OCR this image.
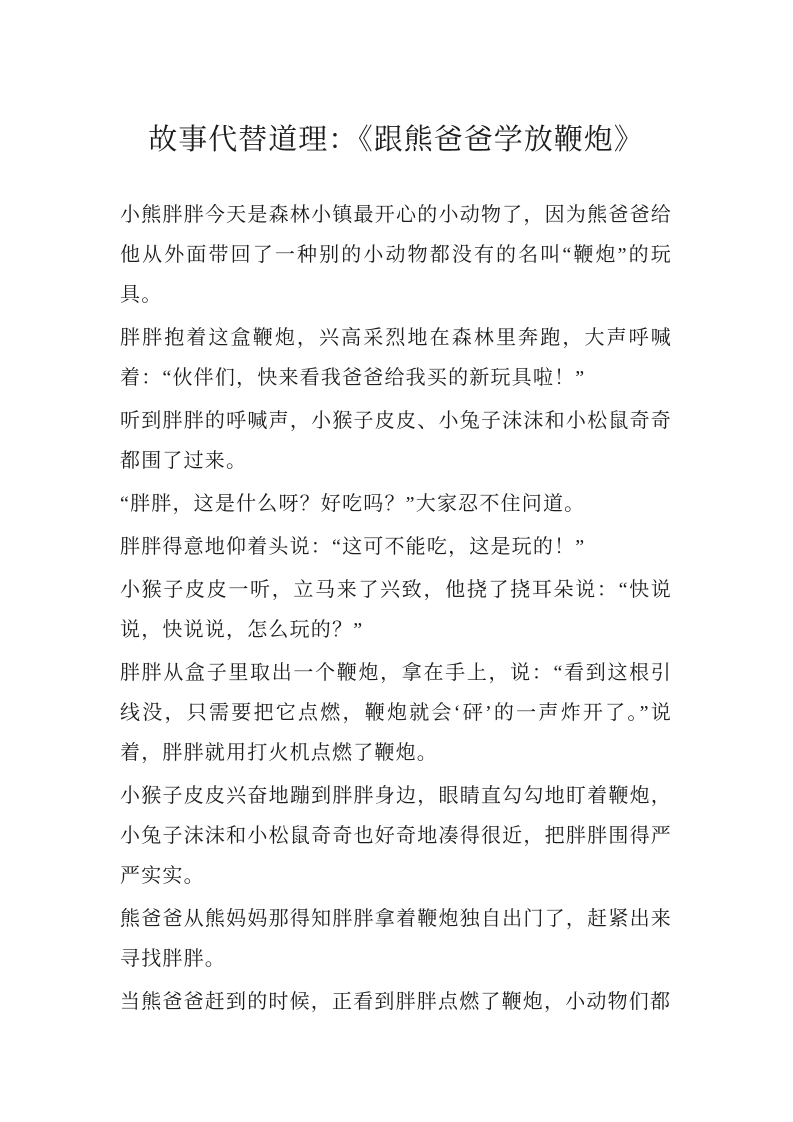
故事代替道理：《跟熊爸爸学放鞭炮》

小熊胖胖今天是森林小镇最开心的小动物了，因为熊爸爸给他从外面带回了一种别的小动物都没有的名叫“鞭炮”的玩具。

胖胖抱着这盒鞭炮，兴高采烈地在森林里奔跑，大声呼喊着：“伙伴们，快来看我爸爸给我买的新玩具啦！”

听到胖胖的呼喊声，小猴子皮皮、小兔子沫沫和小松鼠奇奇都围了过来。

“胖胖，这是什么呀？好吃吗？”大家忍不住问道。

胖胖得意地仰着头说：“这可不能吃，这是玩的！”

小猴子皮皮一听，立马来了兴致，他挠了挠耳朵说：“快说说，快说说，怎么玩的？”

胖胖从盒子里取出一个鞭炮，拿在手上，说：“看到这根引线没，只需要把它点燃，鞭炮就会‘砰’的一声炸开了。”说着，胖胖就用打火机点燃了鞭炮。

小猴子皮皮兴奋地蹦到胖胖身边，眼睛直勾勾地盯着鞭炮，小兔子沫沫和小松鼠奇奇也好奇地凑得很近，把胖胖围得严严实实。

熊爸爸从熊妈妈那得知胖胖拿着鞭炮独自出门了，赶紧出来寻找胖胖。

当熊爸爸赶到的时候，正看到胖胖点燃了鞭炮，小动物们都
